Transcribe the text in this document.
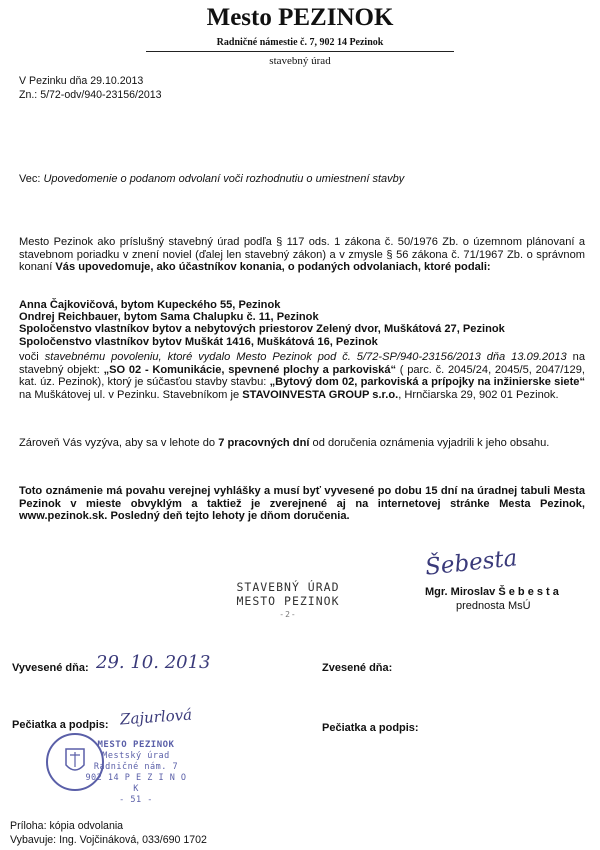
Mesto PEZINOK
Radničné námestie č. 7, 902 14 Pezinok
stavebný úrad
V Pezinku dňa 29.10.2013
Zn.: 5/72-odv/940-23156/2013
Vec: Upovedomenie o podanom odvolaní voči rozhodnutiu o umiestnení stavby
Mesto Pezinok ako príslušný stavebný úrad podľa § 117 ods. 1 zákona č. 50/1976 Zb. o územnom plánovaní a stavebnom poriadku v znení noviel (ďalej len stavebný zákon) a v zmysle § 56 zákona č. 71/1967 Zb. o správnom konaní Vás upovedomuje, ako účastníkov konania, o podaných odvolaniach, ktoré podali:
Anna Čajkovičová, bytom Kupeckého 55, Pezinok
Ondrej Reichbauer, bytom Sama Chalupku č. 11, Pezinok
Spoločenstvo vlastníkov bytov a nebytových priestorov Zelený dvor, Muškátová 27, Pezinok
Spoločenstvo vlastníkov bytov Muškát 1416, Muškátová 16, Pezinok
voči stavebnému povoleniu, ktoré vydalo Mesto Pezinok pod č. 5/72-SP/940-23156/2013 dňa 13.09.2013 na stavebný objekt: „SO 02 - Komunikácie, spevnené plochy a parkoviská“ ( parc. č. 2045/24, 2045/5, 2047/129, kat. úz. Pezinok), ktorý je súčasťou stavby stavbu: „Bytový dom 02, parkoviská a prípojky na inžinierske siete“ na Muškátovej ul. v Pezinku. Stavebníkom je STAVOINVESTA GROUP s.r.o., Hrnčiarska 29, 902 01 Pezinok.
Zároveň Vás vyzýva, aby sa v lehote do 7 pracovných dní od doručenia oznámenia vyjadrili k jeho obsahu.
Toto oznámenie má povahu verejnej vyhlášky a musí byť vyvesené po dobu 15 dní na úradnej tabuli Mesta Pezinok v mieste obvyklým a taktiež je zverejnené aj na internetovej stránke Mesta Pezinok, www.pezinok.sk. Posledný deň tejto lehoty je dňom doručenia.
STAVEBNÝ ÚRAD
MESTO PEZINOK
-2-
Šebesta
Mgr. Miroslav Š e b e s t a
prednosta MsÚ
Vyvesené dňa: 29. 10. 2013	Zvesené dňa:
Pečiatka a podpis: Zajurlová	Pečiatka a podpis:
MESTO PEZINOK
Mestský úrad
Radničné nám. 7
902 14 P E Z I N O K
- 51 -
Príloha: kópia odvolania
Vybavuje: Ing. Vojčináková, 033/690 1702
